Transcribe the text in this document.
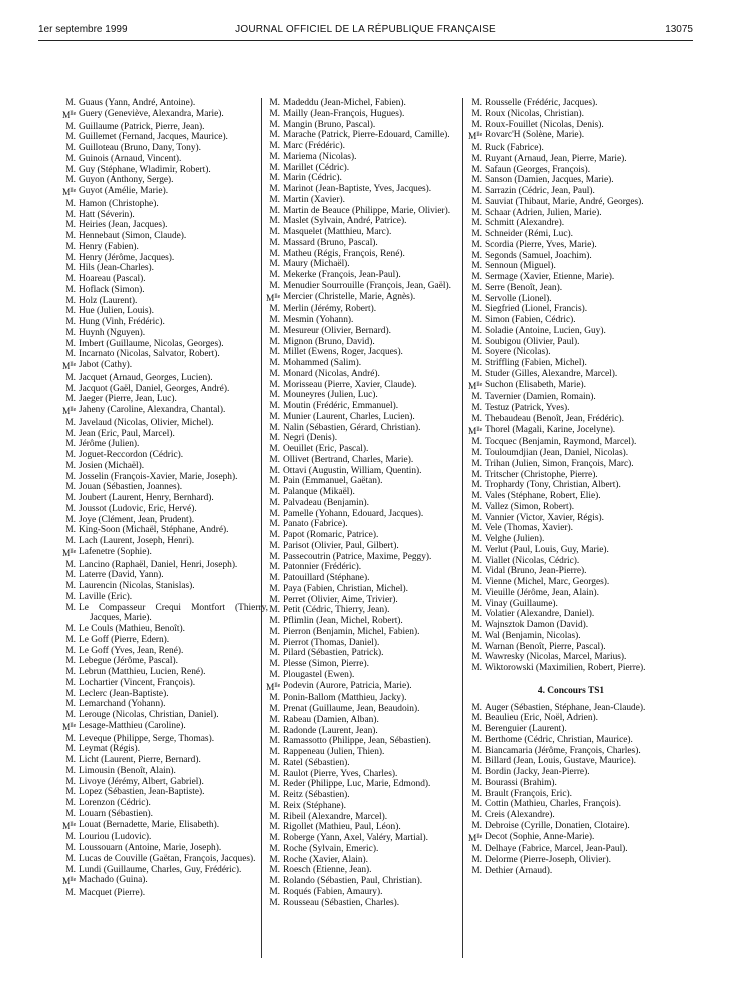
1er septembre 1999	JOURNAL OFFICIEL DE LA RÉPUBLIQUE FRANÇAISE	13075
M. Guaus (Yann, André, Antoine).
$M^{lle}$ Guery (Geneviève, Alexandra, Marie).
M. Guillaume (Patrick, Pierre, Jean).
M. Guillemet (Fernand, Jacques, Maurice).
M. Guilloteau (Bruno, Dany, Tony).
M. Guinois (Arnaud, Vincent).
M. Guy (Stéphane, Wladimir, Robert).
M. Guyon (Anthony, Serge).
$M^{lle}$ Guyot (Amélie, Marie).
M. Hamon (Christophe).
M. Hatt (Séverin).
M. Heiries (Jean, Jacques).
M. Hennebaut (Simon, Claude).
M. Henry (Fabien).
M. Henry (Jérôme, Jacques).
M. Hils (Jean-Charles).
M. Hoareau (Pascal).
M. Hoflack (Simon).
M. Holz (Laurent).
M. Hue (Julien, Louis).
M. Hung (Vinh, Frédéric).
M. Huynh (Nguyen).
M. Imbert (Guillaume, Nicolas, Georges).
M. Incarnato (Nicolas, Salvator, Robert).
$M^{lle}$ Jabot (Cathy).
M. Jacquet (Arnaud, Georges, Lucien).
M. Jacquot (Gaël, Daniel, Georges, André).
M. Jaeger (Pierre, Jean, Luc).
$M^{lle}$ Jaheny (Caroline, Alexandra, Chantal).
M. Javelaud (Nicolas, Olivier, Michel).
M. Jean (Eric, Paul, Marcel).
M. Jérôme (Julien).
M. Joguet-Reccordon (Cédric).
M. Josien (Michaël).
M. Josselin (François-Xavier, Marie, Joseph).
M. Jouan (Sébastien, Joannes).
M. Joubert (Laurent, Henry, Bernhard).
M. Joussot (Ludovic, Eric, Hervé).
M. Joye (Clément, Jean, Prudent).
M. King-Soon (Michaël, Stéphane, André).
M. Lach (Laurent, Joseph, Henri).
$M^{lle}$ Lafenetre (Sophie).
M. Lancino (Raphaël, Daniel, Henri, Joseph).
M. Laterre (David, Yann).
M. Laurencin (Nicolas, Stanislas).
M. Laville (Eric).
M. Le Compasseur Crequi Montfort (Thierry, Jacques, Marie).
M. Le Couls (Mathieu, Benoît).
M. Le Goff (Pierre, Edern).
M. Le Goff (Yves, Jean, René).
M. Lebegue (Jérôme, Pascal).
M. Lebrun (Matthieu, Lucien, René).
M. Lochartier (Vincent, François).
M. Leclerc (Jean-Baptiste).
M. Lemarchand (Yohann).
M. Lerouge (Nicolas, Christian, Daniel).
$M^{lle}$ Lesage-Matthieu (Caroline).
M. Leveque (Philippe, Serge, Thomas).
M. Leymat (Régis).
M. Licht (Laurent, Pierre, Bernard).
M. Limousin (Benoît, Alain).
M. Livoye (Jérémy, Albert, Gabriel).
M. Lopez (Sébastien, Jean-Baptiste).
M. Lorenzon (Cédric).
M. Louarn (Sébastien).
$M^{lle}$ Louat (Bernadette, Marie, Elisabeth).
M. Louriou (Ludovic).
M. Loussouarn (Antoine, Marie, Joseph).
M. Lucas de Couville (Gaëtan, François, Jacques).
M. Lundi (Guillaume, Charles, Guy, Frédéric).
$M^{lle}$ Machado (Guina).
M. Macquet (Pierre).
M. Madeddu (Jean-Michel, Fabien).
M. Mailly (Jean-François, Hugues).
M. Mangin (Bruno, Pascal).
M. Marache (Patrick, Pierre-Edouard, Camille).
M. Marc (Frédéric).
M. Mariema (Nicolas).
M. Marillet (Cédric).
M. Marin (Cédric).
M. Marinot (Jean-Baptiste, Yves, Jacques).
M. Martin (Xavier).
M. Martin de Beauce (Philippe, Marie, Olivier).
M. Maslet (Sylvain, André, Patrice).
M. Masquelet (Matthieu, Marc).
M. Massard (Bruno, Pascal).
M. Matheu (Régis, François, René).
M. Maury (Michaël).
M. Mekerke (François, Jean-Paul).
M. Menudier Sourrouille (François, Jean, Gaël).
$M^{lle}$ Mercier (Christelle, Marie, Agnès).
M. Merlin (Jérémy, Robert).
M. Mesmin (Yohann).
M. Mesureur (Olivier, Bernard).
M. Mignon (Bruno, David).
M. Millet (Ewens, Roger, Jacques).
M. Mohammed (Salim).
M. Monard (Nicolas, André).
M. Morisseau (Pierre, Xavier, Claude).
M. Mouneyres (Julien, Luc).
M. Moutin (Frédéric, Emmanuel).
M. Munier (Laurent, Charles, Lucien).
M. Nalin (Sébastien, Gérard, Christian).
M. Negri (Denis).
M. Oeuillet (Eric, Pascal).
M. Ollivet (Bertrand, Charles, Marie).
M. Ottavi (Augustin, William, Quentin).
M. Pain (Emmanuel, Gaëtan).
M. Palanque (Mikaël).
M. Palvadeau (Benjamin).
M. Pamelle (Yohann, Edouard, Jacques).
M. Panato (Fabrice).
M. Papot (Romaric, Patrice).
M. Parisot (Olivier, Paul, Gilbert).
M. Passecoutrin (Patrice, Maxime, Peggy).
M. Patonnier (Frédéric).
M. Patouillard (Stéphane).
M. Paya (Fabien, Christian, Michel).
M. Perret (Olivier, Aime, Trivier).
M. Petit (Cédric, Thierry, Jean).
M. Pflimlin (Jean, Michel, Robert).
M. Pierron (Benjamin, Michel, Fabien).
M. Pierrot (Thomas, Daniel).
M. Pilard (Sébastien, Patrick).
M. Plesse (Simon, Pierre).
M. Plougastel (Ewen).
$M^{lle}$ Podevin (Aurore, Patricia, Marie).
M. Ponin-Ballom (Matthieu, Jacky).
M. Prenat (Guillaume, Jean, Beaudoin).
M. Rabeau (Damien, Alban).
M. Radonde (Laurent, Jean).
M. Ramassotto (Philippe, Jean, Sébastien).
M. Rappeneau (Julien, Thien).
M. Ratel (Sébastien).
M. Raulot (Pierre, Yves, Charles).
M. Reder (Philippe, Luc, Marie, Edmond).
M. Reitz (Sébastien).
M. Reix (Stéphane).
M. Ribeil (Alexandre, Marcel).
M. Rigollet (Mathieu, Paul, Léon).
M. Roberge (Yann, Axel, Valéry, Martial).
M. Roche (Sylvain, Emeric).
M. Roche (Xavier, Alain).
M. Roesch (Etienne, Jean).
M. Rolando (Sébastien, Paul, Christian).
M. Roqués (Fabien, Amaury).
M. Rousseau (Sébastien, Charles).
M. Rousselle (Frédéric, Jacques).
M. Roux (Nicolas, Christian).
M. Roux-Fouillet (Nicolas, Denis).
$M^{lle}$ Rovarc'H (Solène, Marie).
M. Ruck (Fabrice).
M. Ruyant (Arnaud, Jean, Pierre, Marie).
M. Safaun (Georges, François).
M. Sanson (Damien, Jacques, Marie).
M. Sarrazin (Cédric, Jean, Paul).
M. Sauviat (Thibaut, Marie, André, Georges).
M. Schaar (Adrien, Julien, Marie).
M. Schmitt (Alexandre).
M. Schneider (Rémi, Luc).
M. Scordia (Pierre, Yves, Marie).
M. Segonds (Samuel, Joachim).
M. Sennoun (Miguel).
M. Sermage (Xavier, Etienne, Marie).
M. Serre (Benoît, Jean).
M. Servolle (Lionel).
M. Siegfried (Lionel, Francis).
M. Simon (Fabien, Cédric).
M. Soladie (Antoine, Lucien, Guy).
M. Soubigou (Olivier, Paul).
M. Soyere (Nicolas).
M. Striffling (Fabien, Michel).
M. Studer (Gilles, Alexandre, Marcel).
$M^{lle}$ Suchon (Elisabeth, Marie).
M. Tavernier (Damien, Romain).
M. Testuz (Patrick, Yves).
M. Thebaudeau (Benoît, Jean, Frédéric).
$M^{lle}$ Thorel (Magali, Karine, Jocelyne).
M. Tocquec (Benjamin, Raymond, Marcel).
M. Touloumdjian (Jean, Daniel, Nicolas).
M. Trihan (Julien, Simon, François, Marc).
M. Tritscher (Christophe, Pierre).
M. Trophardy (Tony, Christian, Albert).
M. Vales (Stéphane, Robert, Elie).
M. Vallez (Simon, Robert).
M. Vannier (Victor, Xavier, Régis).
M. Vele (Thomas, Xavier).
M. Velghe (Julien).
M. Verlut (Paul, Louis, Guy, Marie).
M. Viallet (Nicolas, Cédric).
M. Vidal (Bruno, Jean-Pierre).
M. Vienne (Michel, Marc, Georges).
M. Vieuille (Jérôme, Jean, Alain).
M. Vinay (Guillaume).
M. Volatier (Alexandre, Daniel).
M. Wajnsztok Damon (David).
M. Wal (Benjamin, Nicolas).
M. Warnan (Benoît, Pierre, Pascal).
M. Wawresky (Nicolas, Marcel, Marius).
M. Wiktorowski (Maximilien, Robert, Pierre).
4. Concours TS1
M. Auger (Sébastien, Stéphane, Jean-Claude).
M. Beaulieu (Eric, Noël, Adrien).
M. Berenguier (Laurent).
M. Berthome (Cédric, Christian, Maurice).
M. Biancamaria (Jérôme, François, Charles).
M. Billard (Jean, Louis, Gustave, Maurice).
M. Bordin (Jacky, Jean-Pierre).
M. Bourassi (Brahim).
M. Brault (François, Eric).
M. Cottin (Mathieu, Charles, François).
M. Creis (Alexandre).
M. Debroise (Cyrille, Donatien, Clotaire).
$M^{lle}$ Decot (Sophie, Anne-Marie).
M. Delhaye (Fabrice, Marcel, Jean-Paul).
M. Delorme (Pierre-Joseph, Olivier).
M. Dethier (Arnaud).
